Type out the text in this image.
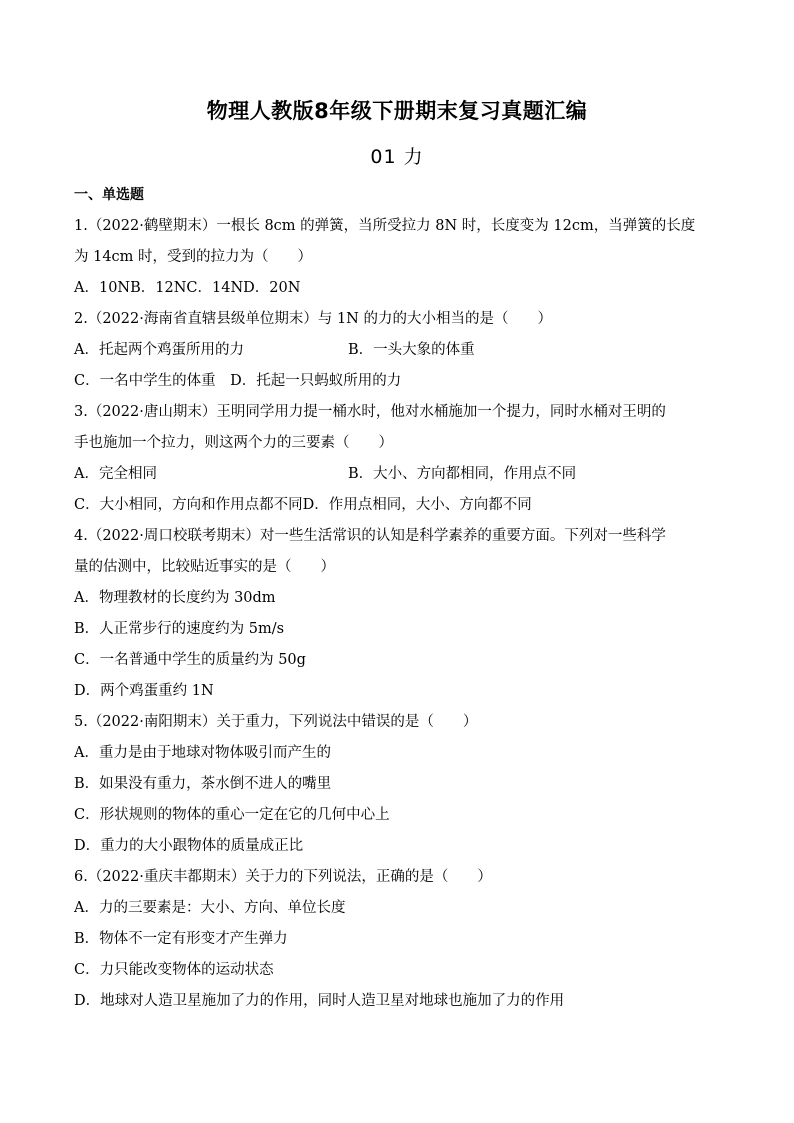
物理人教版8年级下册期末复习真题汇编
01 力
一、单选题
1.（2022·鹤壁期末）一根长 8cm 的弹簧，当所受拉力 8N 时，长度变为 12cm，当弹簧的长度
为 14cm 时，受到的拉力为（　　）
A．10NB．12NC．14ND．20N
2.（2022·海南省直辖县级单位期末）与 1N 的力的大小相当的是（　　）
A．托起两个鸡蛋所用的力	B．一头大象的体重
C．一名中学生的体重　D．托起一只蚂蚁所用的力
3.（2022·唐山期末）王明同学用力提一桶水时，他对水桶施加一个提力，同时水桶对王明的
手也施加一个拉力，则这两个力的三要素（　　）
A．完全相同	B．大小、方向都相同，作用点不同
C．大小相同，方向和作用点都不同D．作用点相同，大小、方向都不同
4.（2022·周口校联考期末）对一些生活常识的认知是科学素养的重要方面。下列对一些科学
量的估测中，比较贴近事实的是（　　）
A．物理教材的长度约为 30dm
B．人正常步行的速度约为 5m/s
C．一名普通中学生的质量约为 50g
D．两个鸡蛋重约 1N
5.（2022·南阳期末）关于重力，下列说法中错误的是（　　）
A．重力是由于地球对物体吸引而产生的
B．如果没有重力，茶水倒不进人的嘴里
C．形状规则的物体的重心一定在它的几何中心上
D．重力的大小跟物体的质量成正比
6.（2022·重庆丰都期末）关于力的下列说法，正确的是（　　）
A．力的三要素是：大小、方向、单位长度
B．物体不一定有形变才产生弹力
C．力只能改变物体的运动状态
D．地球对人造卫星施加了力的作用，同时人造卫星对地球也施加了力的作用
